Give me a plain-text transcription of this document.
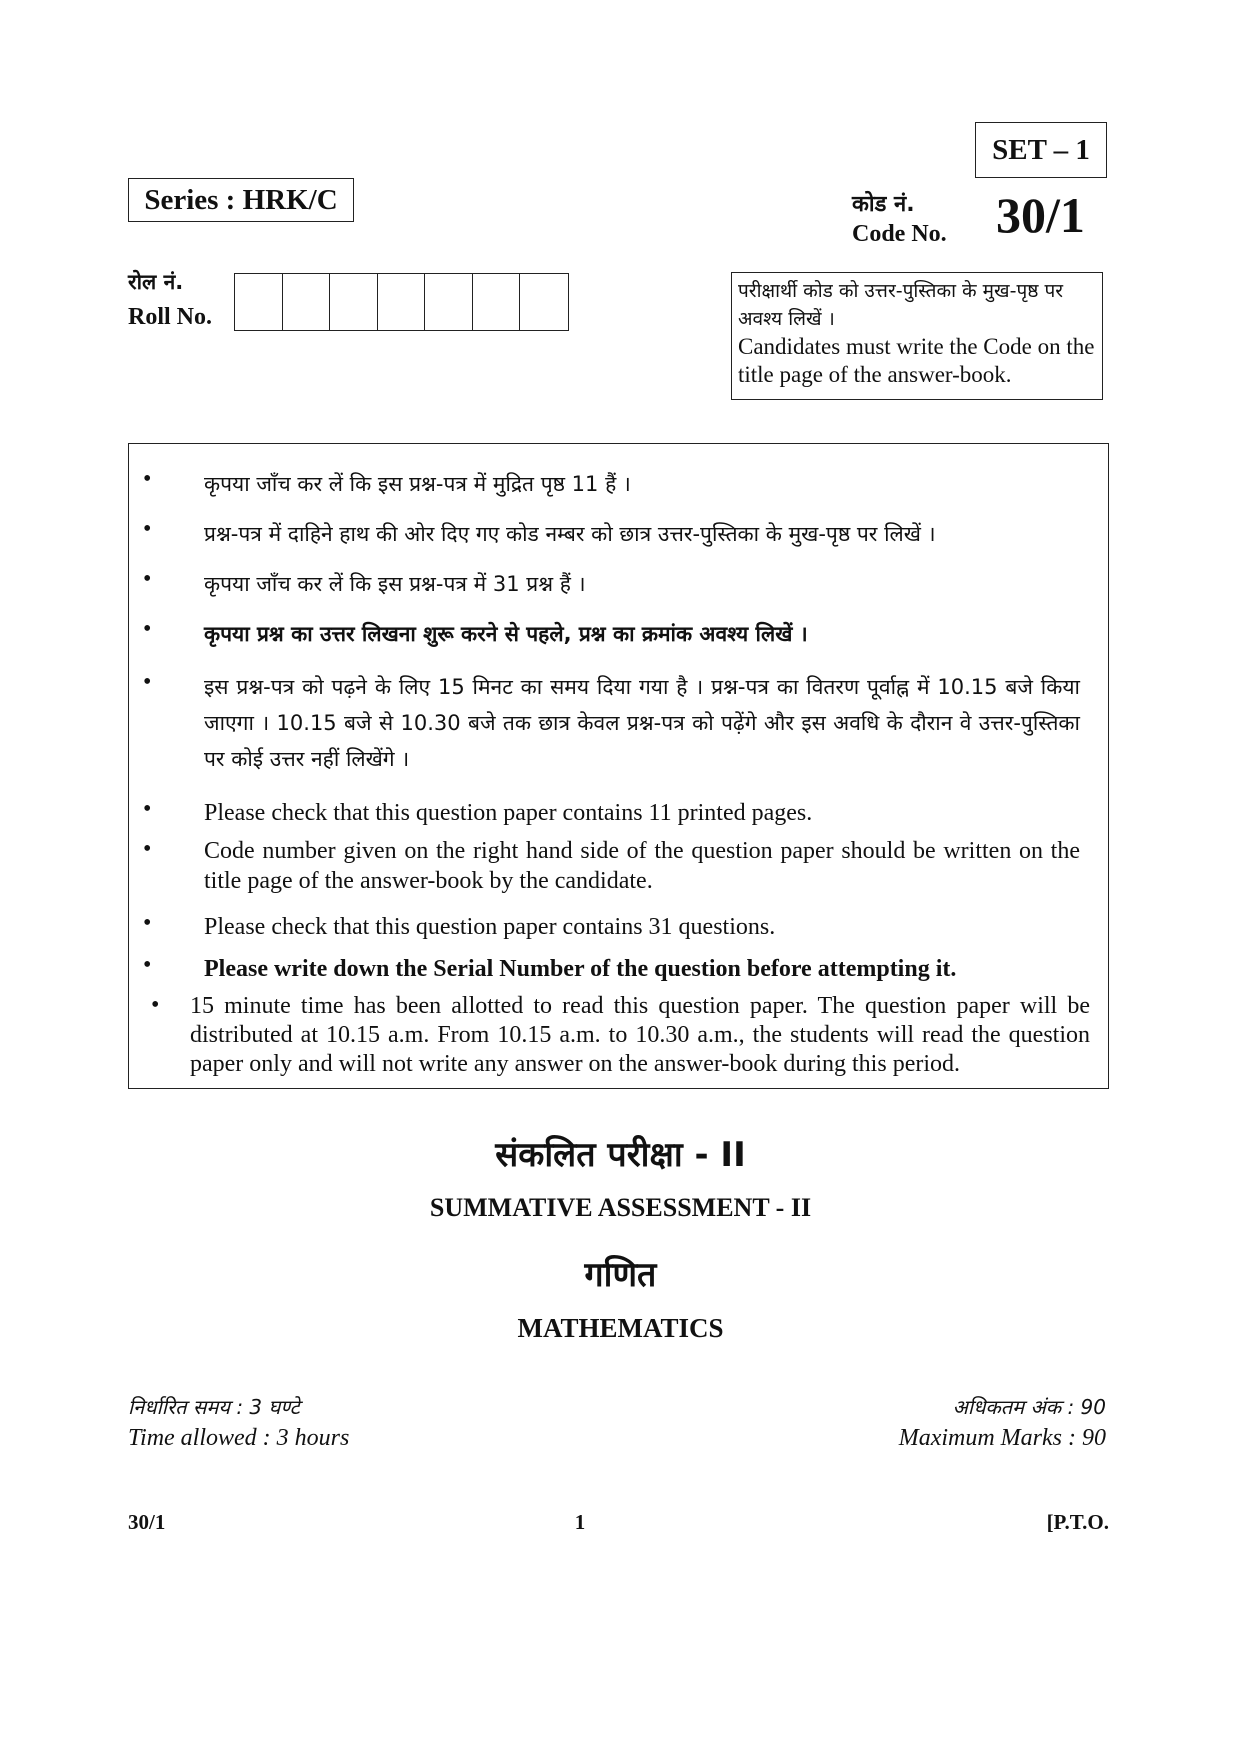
SET – 1
Series : HRK/C	कोड नं.
Code No. 30/1
रोल नं.
Roll No.
परीक्षार्थी कोड को उत्तर-पुस्तिका के मुख-पृष्ठ पर अवश्य लिखें ।
Candidates must write the Code on the title page of the answer-book.
•	कृपया जाँच कर लें कि इस प्रश्न-पत्र में मुद्रित पृष्ठ 11 हैं ।
•	प्रश्न-पत्र में दाहिने हाथ की ओर दिए गए कोड नम्बर को छात्र उत्तर-पुस्तिका के मुख-पृष्ठ पर लिखें ।
•	कृपया जाँच कर लें कि इस प्रश्न-पत्र में 31 प्रश्न हैं ।
•	कृपया प्रश्न का उत्तर लिखना शुरू करने से पहले, प्रश्न का क्रमांक अवश्य लिखें ।
•	इस प्रश्न-पत्र को पढ़ने के लिए 15 मिनट का समय दिया गया है । प्रश्न-पत्र का वितरण पूर्वाह्न में 10.15 बजे किया जाएगा । 10.15 बजे से 10.30 बजे तक छात्र केवल प्रश्न-पत्र को पढ़ेंगे और इस अवधि के दौरान वे उत्तर-पुस्तिका पर कोई उत्तर नहीं लिखेंगे ।
• Please check that this question paper contains 11 printed pages.
• Code number given on the right hand side of the question paper should be written on the title page of the answer-book by the candidate.
• Please check that this question paper contains 31 questions.
• Please write down the Serial Number of the question before attempting it.
• 15 minute time has been allotted to read this question paper. The question paper will be distributed at 10.15 a.m. From 10.15 a.m. to 10.30 a.m., the students will read the question paper only and will not write any answer on the answer-book during this period.
संकलित परीक्षा - II
SUMMATIVE ASSESSMENT - II
गणित
MATHEMATICS
निर्धारित समय : 3 घण्टे
Time allowed : 3 hours
अधिकतम अंक : 90
Maximum Marks : 90
30/1	1	[P.T.O.
